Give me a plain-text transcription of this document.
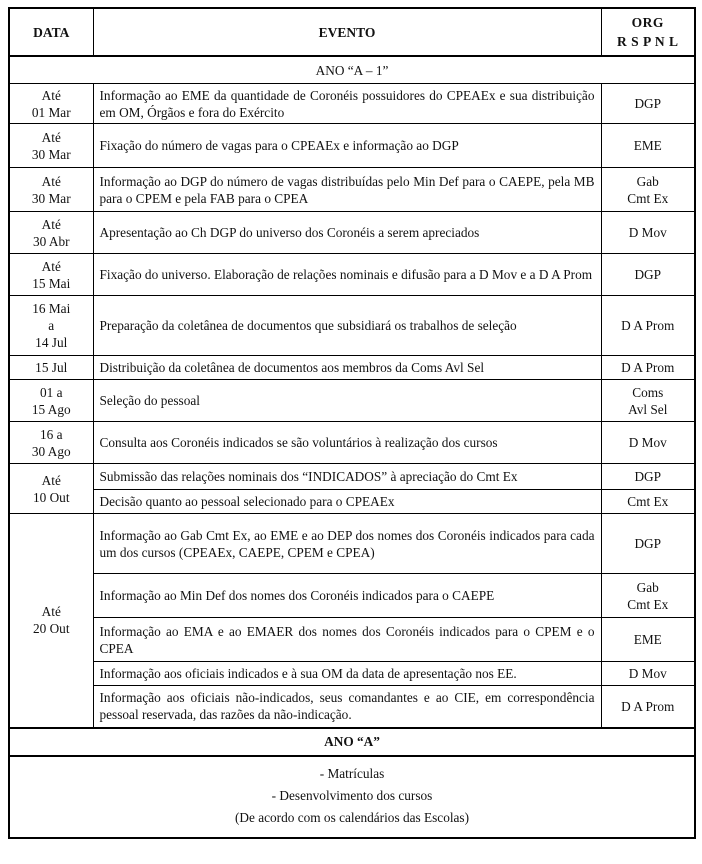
DATA	EVENTO	ORG
R S P N L

ANO “A – 1”		

Até
01 Mar	Informação ao EME da quantidade de Coronéis possuidores do CPEAEx e sua distribuição em OM, Órgãos e fora do Exército	DGP

Até
30 Mar	Fixação do número de vagas para o CPEAEx e informação ao DGP	EME

Até
30 Mar	Informação ao DGP do número de vagas distribuídas pelo Min Def para o CAEPE, pela MB para o CPEM e pela FAB para o CPEA	Gab
Cmt Ex

Até
30 Abr	Apresentação ao Ch DGP do universo dos Coronéis a serem apreciados	D Mov

Até
15 Mai	Fixação do universo. Elaboração de relações nominais e difusão para a D Mov e a D A Prom	DGP

16 Mai
a
14 Jul	Preparação da coletânea de documentos que subsidiará os trabalhos de seleção	D A Prom

15 Jul	Distribuição da coletânea de documentos aos membros da Coms Avl Sel	D A Prom

01 a
15 Ago	Seleção do pessoal	Coms
Avl Sel

16 a
30 Ago	Consulta aos Coronéis indicados se são voluntários à realização dos cursos	D Mov

Até
10 Out	Submissão das relações nominais dos “INDICADOS” à apreciação do Cmt Ex	DGP

	Decisão quanto ao pessoal selecionado para o CPEAEx	Cmt Ex

Até
20 Out	Informação ao Gab Cmt Ex, ao EME e ao DEP dos nomes dos Coronéis indicados para cada um dos cursos (CPEAEx, CAEPE, CPEM e CPEA)	DGP

	Informação ao Min Def dos nomes dos Coronéis indicados para o CAEPE	Gab
Cmt Ex

	Informação ao EMA e ao EMAER dos nomes dos Coronéis indicados para o CPEM e o CPEA	EME

	Informação aos oficiais indicados e à sua OM da data de apresentação nos EE.	D Mov

	Informação aos oficiais não-indicados, seus comandantes e ao CIE, em correspondência pessoal reservada, das razões da não-indicação.	D A Prom

ANO “A”		

- Matrículas
- Desenvolvimento dos cursos
(De acordo com os calendários das Escolas)		
